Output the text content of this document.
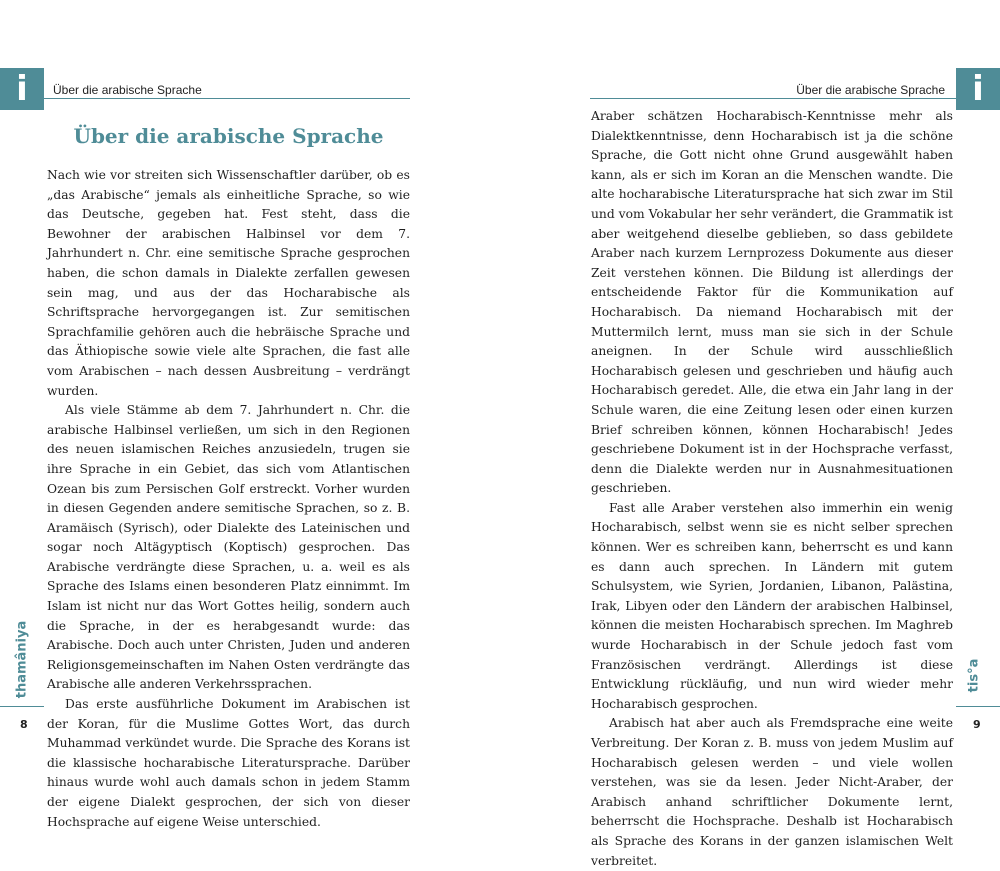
i	Über die arabische Sprache
Über die arabische Sprache

Nach wie vor streiten sich Wissenschaftler darüber, ob es „das Arabische“ jemals als einheitliche Sprache, so wie das Deutsche, gegeben hat. Fest steht, dass die Bewohner der arabischen Halbinsel vor dem 7. Jahrhundert n. Chr. eine semitische Sprache gesprochen haben, die schon damals in Dialekte zerfallen gewesen sein mag, und aus der das Hocharabische als Schriftsprache hervorgegangen ist. Zur semitischen Sprachfamilie gehören auch die hebräische Sprache und das Äthiopische sowie viele alte Sprachen, die fast alle vom Arabischen – nach dessen Ausbreitung – verdrängt wurden.

Als viele Stämme ab dem 7. Jahrhundert n. Chr. die arabische Halbinsel verließen, um sich in den Regionen des neuen islamischen Reiches anzusiedeln, trugen sie ihre Sprache in ein Gebiet, das sich vom Atlantischen Ozean bis zum Persischen Golf erstreckt. Vorher wurden in diesen Gegenden andere semitische Sprachen, so z. B. Aramäisch (Syrisch), oder Dialekte des Lateinischen und sogar noch Altägyptisch (Koptisch) gesprochen. Das Arabische verdrängte diese Sprachen, u. a. weil es als Sprache des Islams einen besonderen Platz einnimmt. Im Islam ist nicht nur das Wort Gottes heilig, sondern auch die Sprache, in der es herabgesandt wurde: das Arabische. Doch auch unter Christen, Juden und anderen Religionsgemeinschaften im Nahen Osten verdrängte das Arabische alle anderen Verkehrssprachen.

Das erste ausführliche Dokument im Arabischen ist der Koran, für die Muslime Gottes Wort, das durch Muhammad verkündet wurde. Die Sprache des Korans ist die klassische hocharabische Literatursprache. Darüber hinaus wurde wohl auch damals schon in jedem Stamm der eigene Dialekt gesprochen, der sich von dieser Hochsprache auf eigene Weise unterschied.

thamâniya
8
i
Über die arabische Sprache

Araber schätzen Hocharabisch-Kenntnisse mehr als Dialektkenntnisse, denn Hocharabisch ist ja die schöne Sprache, die Gott nicht ohne Grund ausgewählt haben kann, als er sich im Koran an die Menschen wandte. Die alte hocharabische Literatursprache hat sich zwar im Stil und vom Vokabular her sehr verändert, die Grammatik ist aber weitgehend dieselbe geblieben, so dass gebildete Araber nach kurzem Lernprozess Dokumente aus dieser Zeit verstehen können. Die Bildung ist allerdings der entscheidende Faktor für die Kommunikation auf Hocharabisch. Da niemand Hocharabisch mit der Muttermilch lernt, muss man sie sich in der Schule aneignen. In der Schule wird ausschließlich Hocharabisch gelesen und geschrieben und häufig auch Hocharabisch geredet. Alle, die etwa ein Jahr lang in der Schule waren, die eine Zeitung lesen oder einen kurzen Brief schreiben können, können Hocharabisch! Jedes geschriebene Dokument ist in der Hochsprache verfasst, denn die Dialekte werden nur in Ausnahmesituationen geschrieben.

Fast alle Araber verstehen also immerhin ein wenig Hocharabisch, selbst wenn sie es nicht selber sprechen können. Wer es schreiben kann, beherrscht es und kann es dann auch sprechen. In Ländern mit gutem Schulsystem, wie Syrien, Jordanien, Libanon, Palästina, Irak, Libyen oder den Ländern der arabischen Halbinsel, können die meisten Hocharabisch sprechen. Im Maghreb wurde Hocharabisch in der Schule jedoch fast vom Französischen verdrängt. Allerdings ist diese Entwicklung rückläufig, und nun wird wieder mehr Hocharabisch gesprochen.

Arabisch hat aber auch als Fremdsprache eine weite Verbreitung. Der Koran z. B. muss von jedem Muslim auf Hocharabisch gelesen werden – und viele wollen verstehen, was sie da lesen. Jeder Nicht-Araber, der Arabisch anhand schriftlicher Dokumente lernt, beherrscht die Hochsprache. Deshalb ist Hocharabisch als Sprache des Korans in der ganzen islamischen Welt verbreitet.

tis°a
9
